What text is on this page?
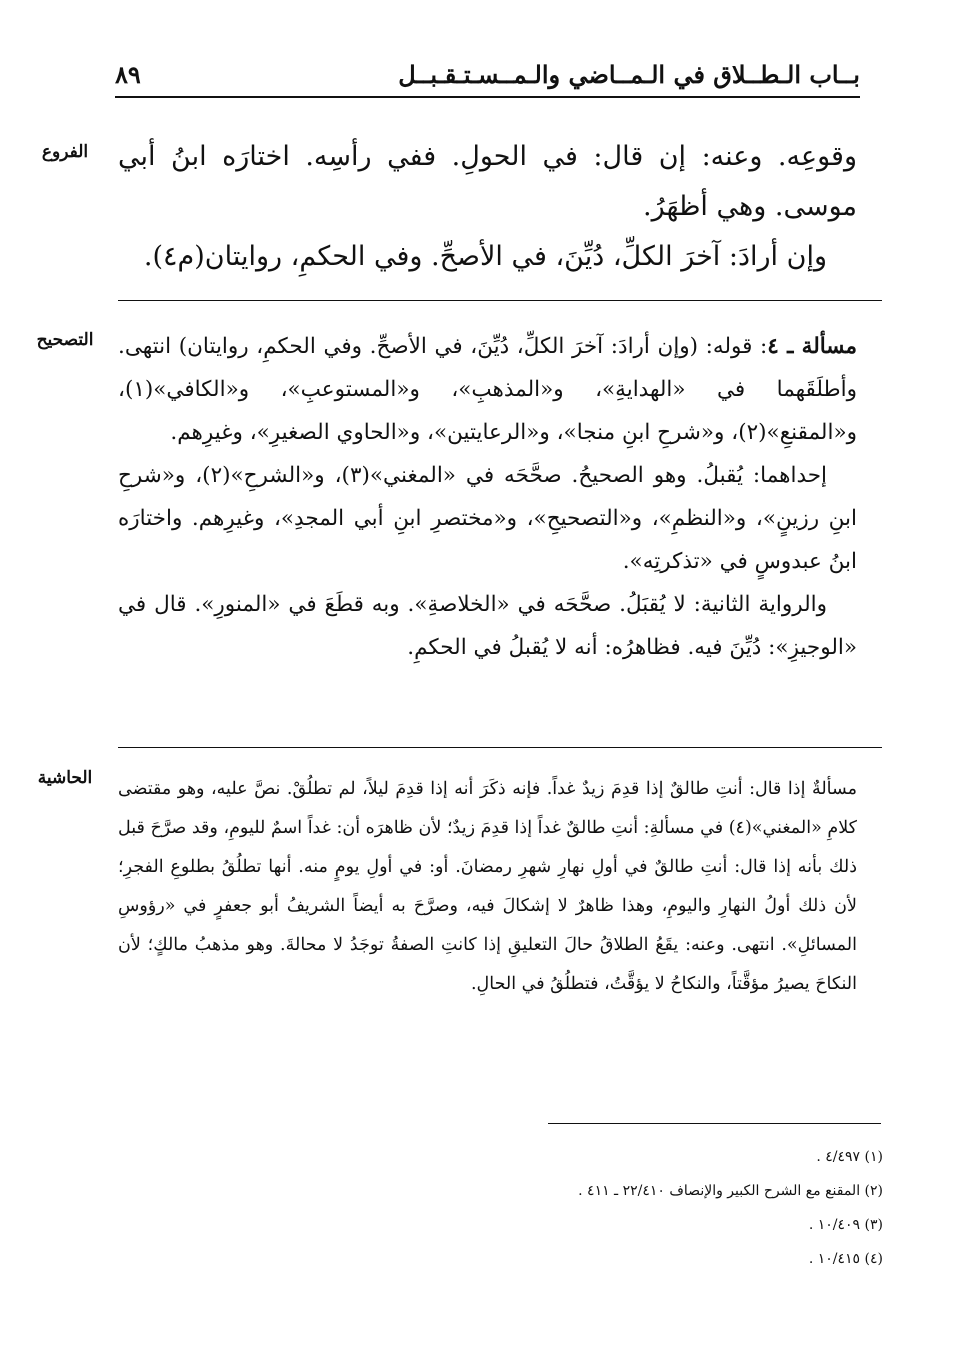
بــاب الـطــلاق في الـمــاضي والـمــسـتـقـبــل
٨٩
الفروع
التصحيح
الحاشية

وقوعِه. وعنه: إن قال: في الحولِ. ففي رأسِه. اختارَه ابنُ أبي موسى. وهي أظهَرُ.

وإن أرادَ: آخرَ الكلِّ، دُيِّنَ، في الأصحِّ. وفي الحكمِ، روايتان(م٤).

مسألة ـ ٤: قوله: (وإن أرادَ: آخرَ الكلِّ، دُيِّنَ، في الأصحِّ. وفي الحكمِ، روايتان) انتهى. وأطلَقَهما في «الهدايةِ»، و«المذهبِ»، و«المستوعبِ»، و«الكافي»(١)، و«المقنعِ»(٢)، و«شرحِ ابنِ منجا»، و«الرعايتين»، و«الحاوي الصغيرِ»، وغيرِهم.

إحداهما: يُقبلُ. وهو الصحيحُ. صحَّحَه في «المغني»(٣)، و«الشرحِ»(٢)، و«شرحِ ابنِ رزينٍ»، و«النظمِ»، و«التصحيحِ»، و«مختصرِ ابنِ أبي المجدِ»، وغيرِهم. واختارَه ابنُ عبدوسٍ في «تذكرتِه».

والرواية الثانية: لا يُقبَلُ. صحَّحَه في «الخلاصةِ». وبه قطَعَ في «المنورِ». قال في «الوجيزِ»: دُيِّنَ فيه. فظاهرُه: أنه لا يُقبلُ في الحكمِ.

مسألةٌ إذا قال: أنتِ طالقٌ إذا قدِمَ زيدٌ غداً. فإنه ذكَرَ أنه إذا قدِمَ ليلاً، لم تطلُقْ. نصَّ عليه، وهو مقتضى كلامِ «المغني»(٤) في مسألةِ: أنتِ طالقٌ غداً إذا قدِمَ زيدٌ؛ لأن ظاهرَه أن: غداً اسمٌ لليومِ، وقد صرَّحَ قبل ذلك بأنه إذا قال: أنتِ طالقٌ في أولِ نهارِ شهرِ رمضانَ. أو: في أولِ يومٍ منه. أنها تطلُقُ بطلوعِ الفجرِ؛ لأن ذلك أولُ النهارِ واليومِ، وهذا ظاهرٌ لا إشكالَ فيه، وصرَّحَ به أيضاً الشريفُ أبو جعفرٍ في «رؤوسِ المسائلِ». انتهى. وعنه: يقَعُ الطلاقُ حالَ التعليقِ إذا كانتِ الصفةُ توجَدُ لا محالةَ. وهو مذهبُ مالكٍ؛ لأن النكاحَ يصيرُ مؤقَّتاً، والنكاحُ لا يؤقَّتُ، فتطلُقُ في الحالِ.

(١) ٤/٤٩٧ .

(٢) المقنع مع الشرح الكبير والإنصاف ٢٢/٤١٠ ـ ٤١١ .

(٣) ١٠/٤٠٩ .

(٤) ١٠/٤١٥ .
